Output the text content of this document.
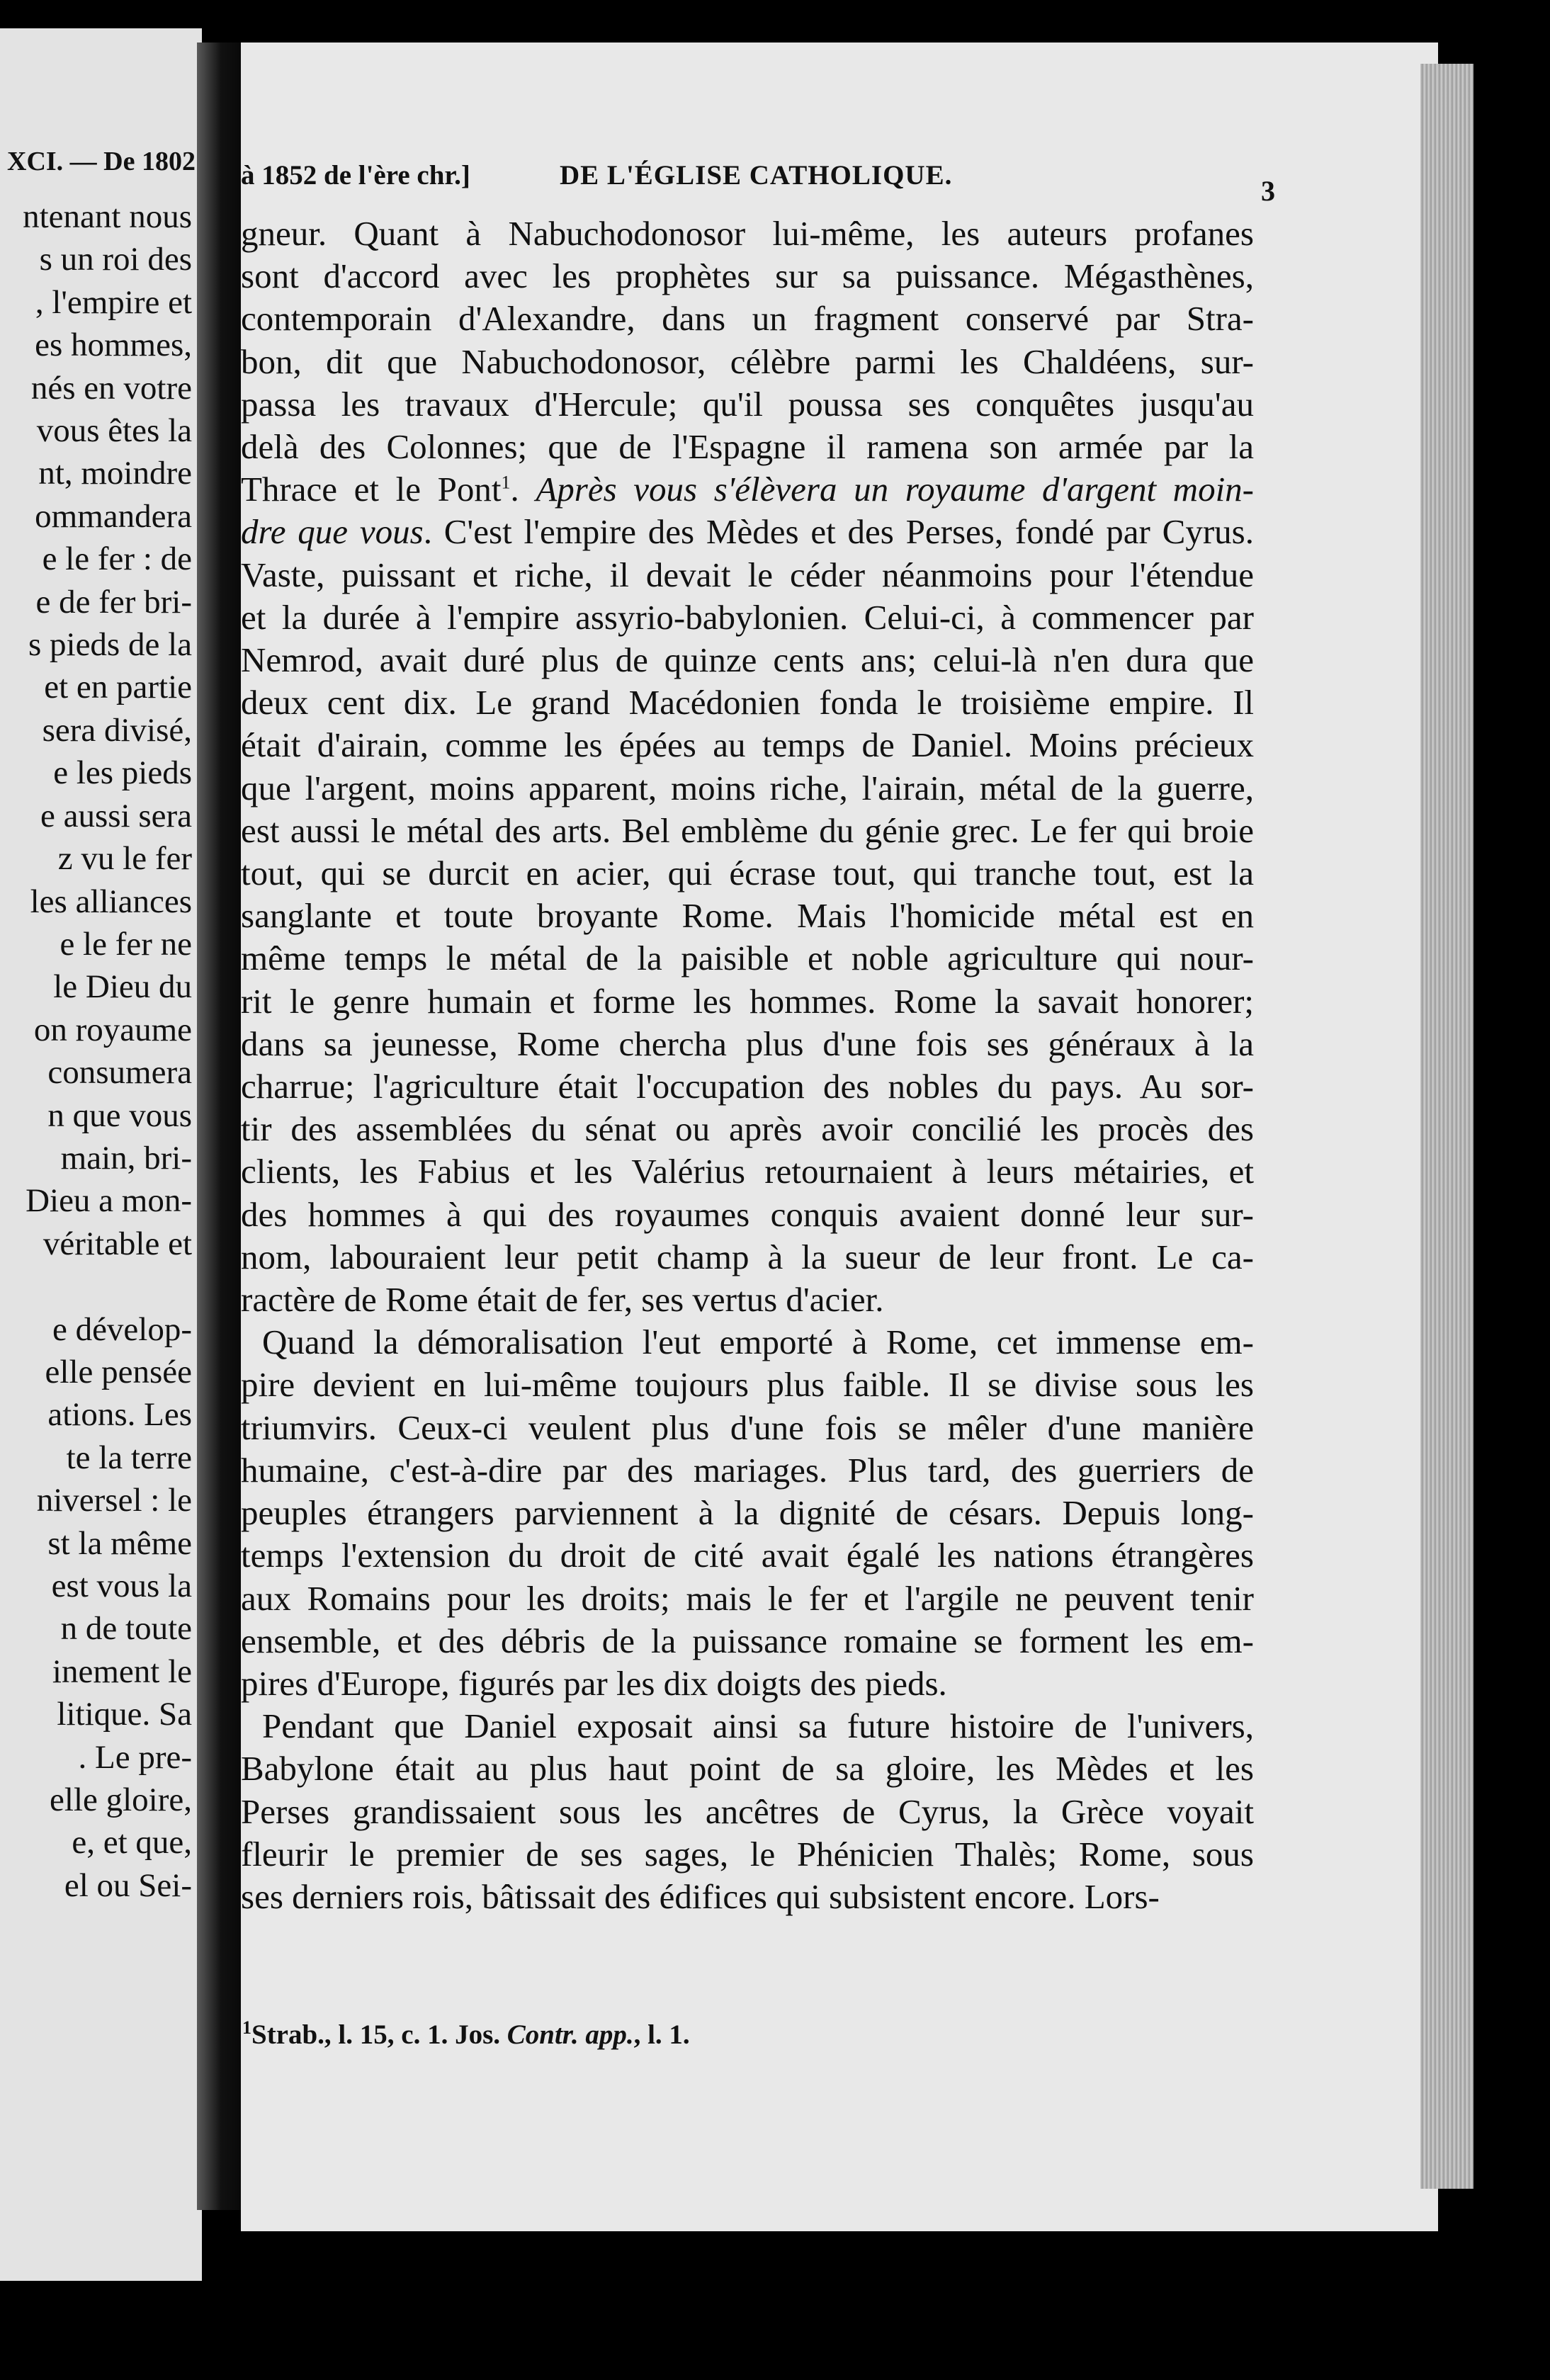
XCI. — De 1802
ntenant nous
s un roi des
, l'empire et
es hommes,
nés en votre
vous êtes la
nt, moindre
ommandera
e le fer : de
e de fer bri-
s pieds de la
et en partie
sera divisé,
e les pieds
e aussi sera
z vu le fer
les alliances
e le fer ne
le Dieu du
on royaume
consumera
n que vous
main, bri-
Dieu a mon-
véritable et

e dévelop-
elle pensée
ations. Les
te la terre
niversel : le
st la même
est vous la
n de toute
inement le
litique. Sa
. Le pre-
elle gloire,
e, et que,
el ou Sei-
à 1852 de l'ère chr.]	DE L'ÉGLISE CATHOLIQUE.	3
gneur. Quant à Nabuchodonosor lui-même, les auteurs profanes
sont d'accord avec les prophètes sur sa puissance. Mégasthènes,
contemporain d'Alexandre, dans un fragment conservé par Stra-
bon, dit que Nabuchodonosor, célèbre parmi les Chaldéens, sur-
passa les travaux d'Hercule; qu'il poussa ses conquêtes jusqu'au
delà des Colonnes; que de l'Espagne il ramena son armée par la
Thrace et le Pont$^1$. Après vous s'élèvera un royaume d'argent moin-
dre que vous. C'est l'empire des Mèdes et des Perses, fondé par Cyrus.
Vaste, puissant et riche, il devait le céder néanmoins pour l'étendue
et la durée à l'empire assyrio-babylonien. Celui-ci, à commencer par
Nemrod, avait duré plus de quinze cents ans; celui-là n'en dura que
deux cent dix. Le grand Macédonien fonda le troisième empire. Il
était d'airain, comme les épées au temps de Daniel. Moins précieux
que l'argent, moins apparent, moins riche, l'airain, métal de la guerre,
est aussi le métal des arts. Bel emblème du génie grec. Le fer qui broie
tout, qui se durcit en acier, qui écrase tout, qui tranche tout, est la
sanglante et toute broyante Rome. Mais l'homicide métal est en
même temps le métal de la paisible et noble agriculture qui nour-
rit le genre humain et forme les hommes. Rome la savait honorer;
dans sa jeunesse, Rome chercha plus d'une fois ses généraux à la
charrue; l'agriculture était l'occupation des nobles du pays. Au sor-
tir des assemblées du sénat ou après avoir concilié les procès des
clients, les Fabius et les Valérius retournaient à leurs métairies, et
des hommes à qui des royaumes conquis avaient donné leur sur-
nom, labouraient leur petit champ à la sueur de leur front. Le ca-
ractère de Rome était de fer, ses vertus d'acier.
Quand la démoralisation l'eut emporté à Rome, cet immense em-
pire devient en lui-même toujours plus faible. Il se divise sous les
triumvirs. Ceux-ci veulent plus d'une fois se mêler d'une manière
humaine, c'est-à-dire par des mariages. Plus tard, des guerriers de
peuples étrangers parviennent à la dignité de césars. Depuis long-
temps l'extension du droit de cité avait égalé les nations étrangères
aux Romains pour les droits; mais le fer et l'argile ne peuvent tenir
ensemble, et des débris de la puissance romaine se forment les em-
pires d'Europe, figurés par les dix doigts des pieds.
Pendant que Daniel exposait ainsi sa future histoire de l'univers,
Babylone était au plus haut point de sa gloire, les Mèdes et les
Perses grandissaient sous les ancêtres de Cyrus, la Grèce voyait
fleurir le premier de ses sages, le Phénicien Thalès; Rome, sous
ses derniers rois, bâtissait des édifices qui subsistent encore. Lors-
$^1$Strab., l. 15, c. 1. Jos. Contr. app., l. 1.
